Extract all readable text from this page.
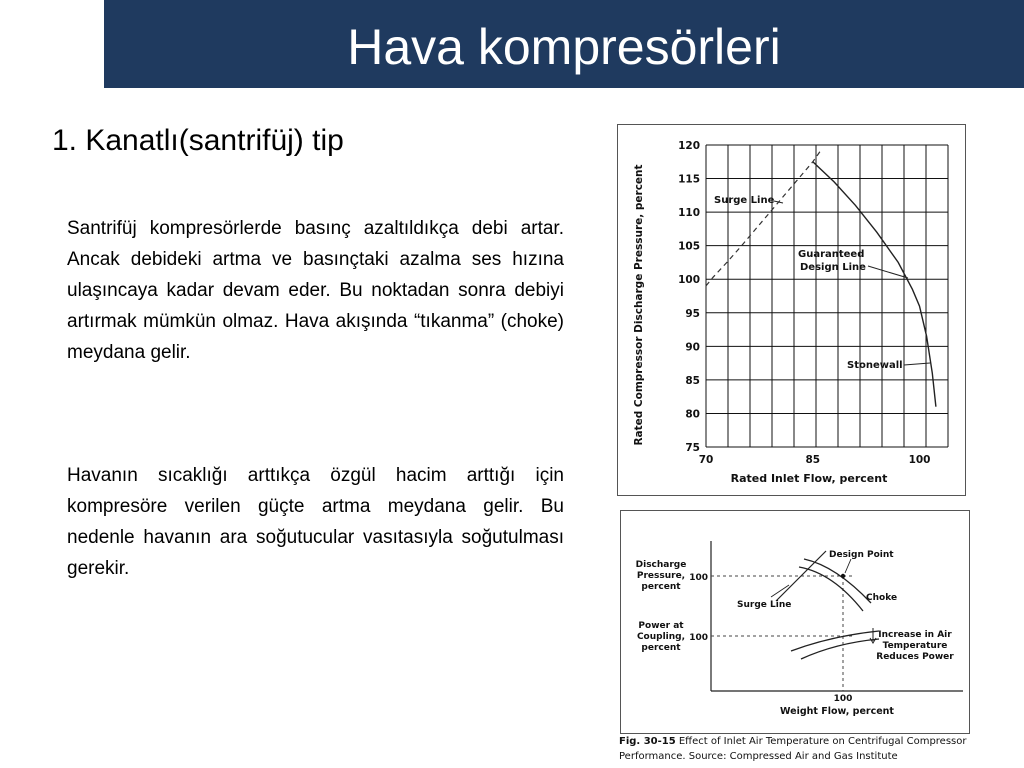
Hava kompresörleri
1. Kanatlı(santrifüj) tip

Santrifüj kompresörlerde basınç azaltıldıkça debi artar. Ancak debideki artma ve basınçtaki azalma ses hızına ulaşıncaya kadar devam eder. Bu noktadan sonra debiyi artırmak mümkün olmaz. Hava akışında “tıkanma” (choke) meydana gelir.

Havanın sıcaklığı arttıkça özgül hacim arttığı için kompresöre verilen güçte artma meydana gelir. Bu nedenle havanın ara soğutucular vasıtasıyla soğutulması gerekir.

120
115
110
105
100
95
90
85
80
75
70	85	100
Rated Compressor Discharge Pressure, percent
Rated Inlet Flow, percent
Surge Line
Guaranteed
Design Line
Stonewall
Discharge
Pressure,
percent
100
Power at
Coupling,
percent
100
Design Point
Surge Line
Choke
Increase in Air
Temperature
Reduces Power
100
Weight Flow, percent
Fig. 30-15 Effect of Inlet Air Temperature on Centrifugal Compressor Performance. Source: Compressed Air and Gas Institute
